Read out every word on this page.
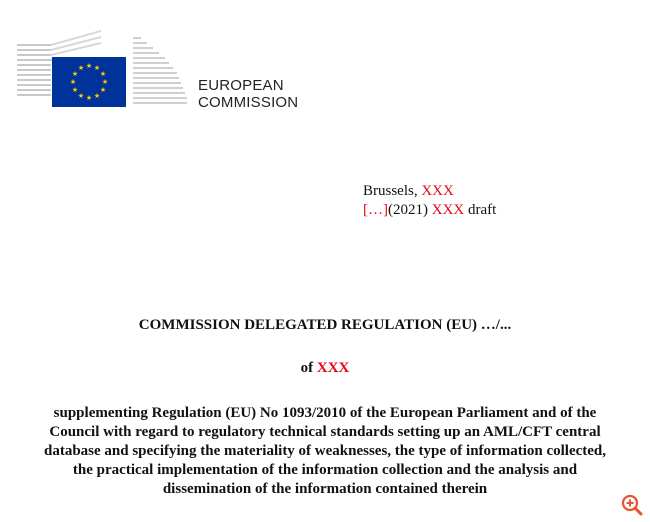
★ ★
★
★
★
★
★
★
★
★
★
★
EUROPEAN
COMMISSION
Brussels, XXX
[…](2021) XXX draft
COMMISSION DELEGATED REGULATION (EU) …/...
of XXX
supplementing Regulation (EU) No 1093/2010 of the European Parliament and of the
Council with regard to regulatory technical standards setting up an AML/CFT central
database and specifying the materiality of weaknesses, the type of information collected,
the practical implementation of the information collection and the analysis and
dissemination of the information contained therein
